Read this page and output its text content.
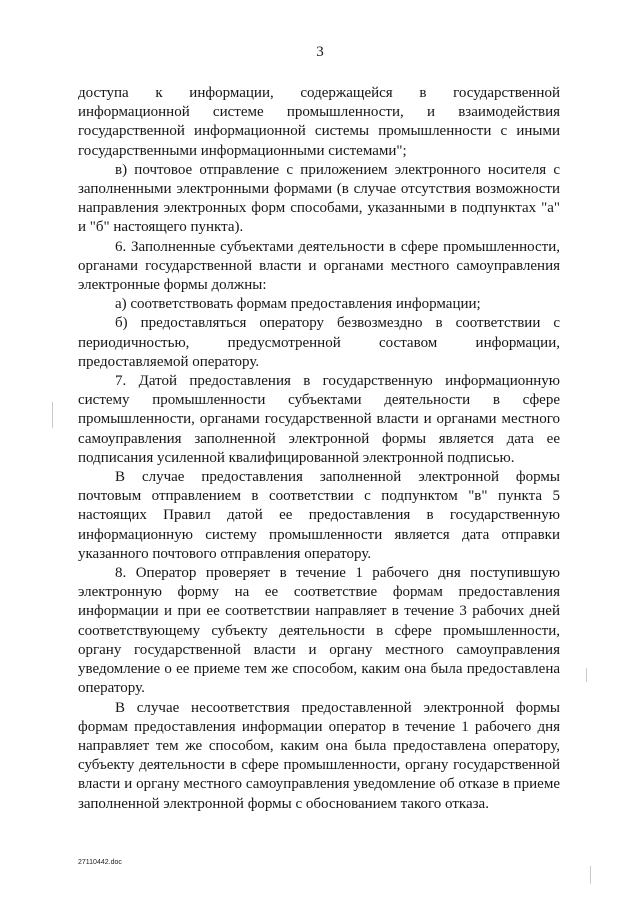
3

доступа к информации, содержащейся в государственной информационной системе промышленности, и взаимодействия государственной информационной системы промышленности с иными государственными информационными системами";

в) почтовое отправление с приложением электронного носителя с заполненными электронными формами (в случае отсутствия возможности направления электронных форм способами, указанными в подпунктах "а" и "б" настоящего пункта).

6. Заполненные субъектами деятельности в сфере промышленности, органами государственной власти и органами местного самоуправления электронные формы должны:

а) соответствовать формам предоставления информации;

б) предоставляться оператору безвозмездно в соответствии с периодичностью, предусмотренной составом информации, предоставляемой оператору.

7. Датой предоставления в государственную информационную систему промышленности субъектами деятельности в сфере промышленности, органами государственной власти и органами местного самоуправления заполненной электронной формы является дата ее подписания усиленной квалифицированной электронной подписью.

В случае предоставления заполненной электронной формы почтовым отправлением в соответствии с подпунктом "в" пункта 5 настоящих Правил датой ее предоставления в государственную информационную систему промышленности является дата отправки указанного почтового отправления оператору.

8. Оператор проверяет в течение 1 рабочего дня поступившую электронную форму на ее соответствие формам предоставления информации и при ее соответствии направляет в течение 3 рабочих дней соответствующему субъекту деятельности в сфере промышленности, органу государственной власти и органу местного самоуправления уведомление о ее приеме тем же способом, каким она была предоставлена оператору.

В случае несоответствия предоставленной электронной формы формам предоставления информации оператор в течение 1 рабочего дня направляет тем же способом, каким она была предоставлена оператору, субъекту деятельности в сфере промышленности, органу государственной власти и органу местного самоуправления уведомление об отказе в приеме заполненной электронной формы с обоснованием такого отказа.

27110442.doc
